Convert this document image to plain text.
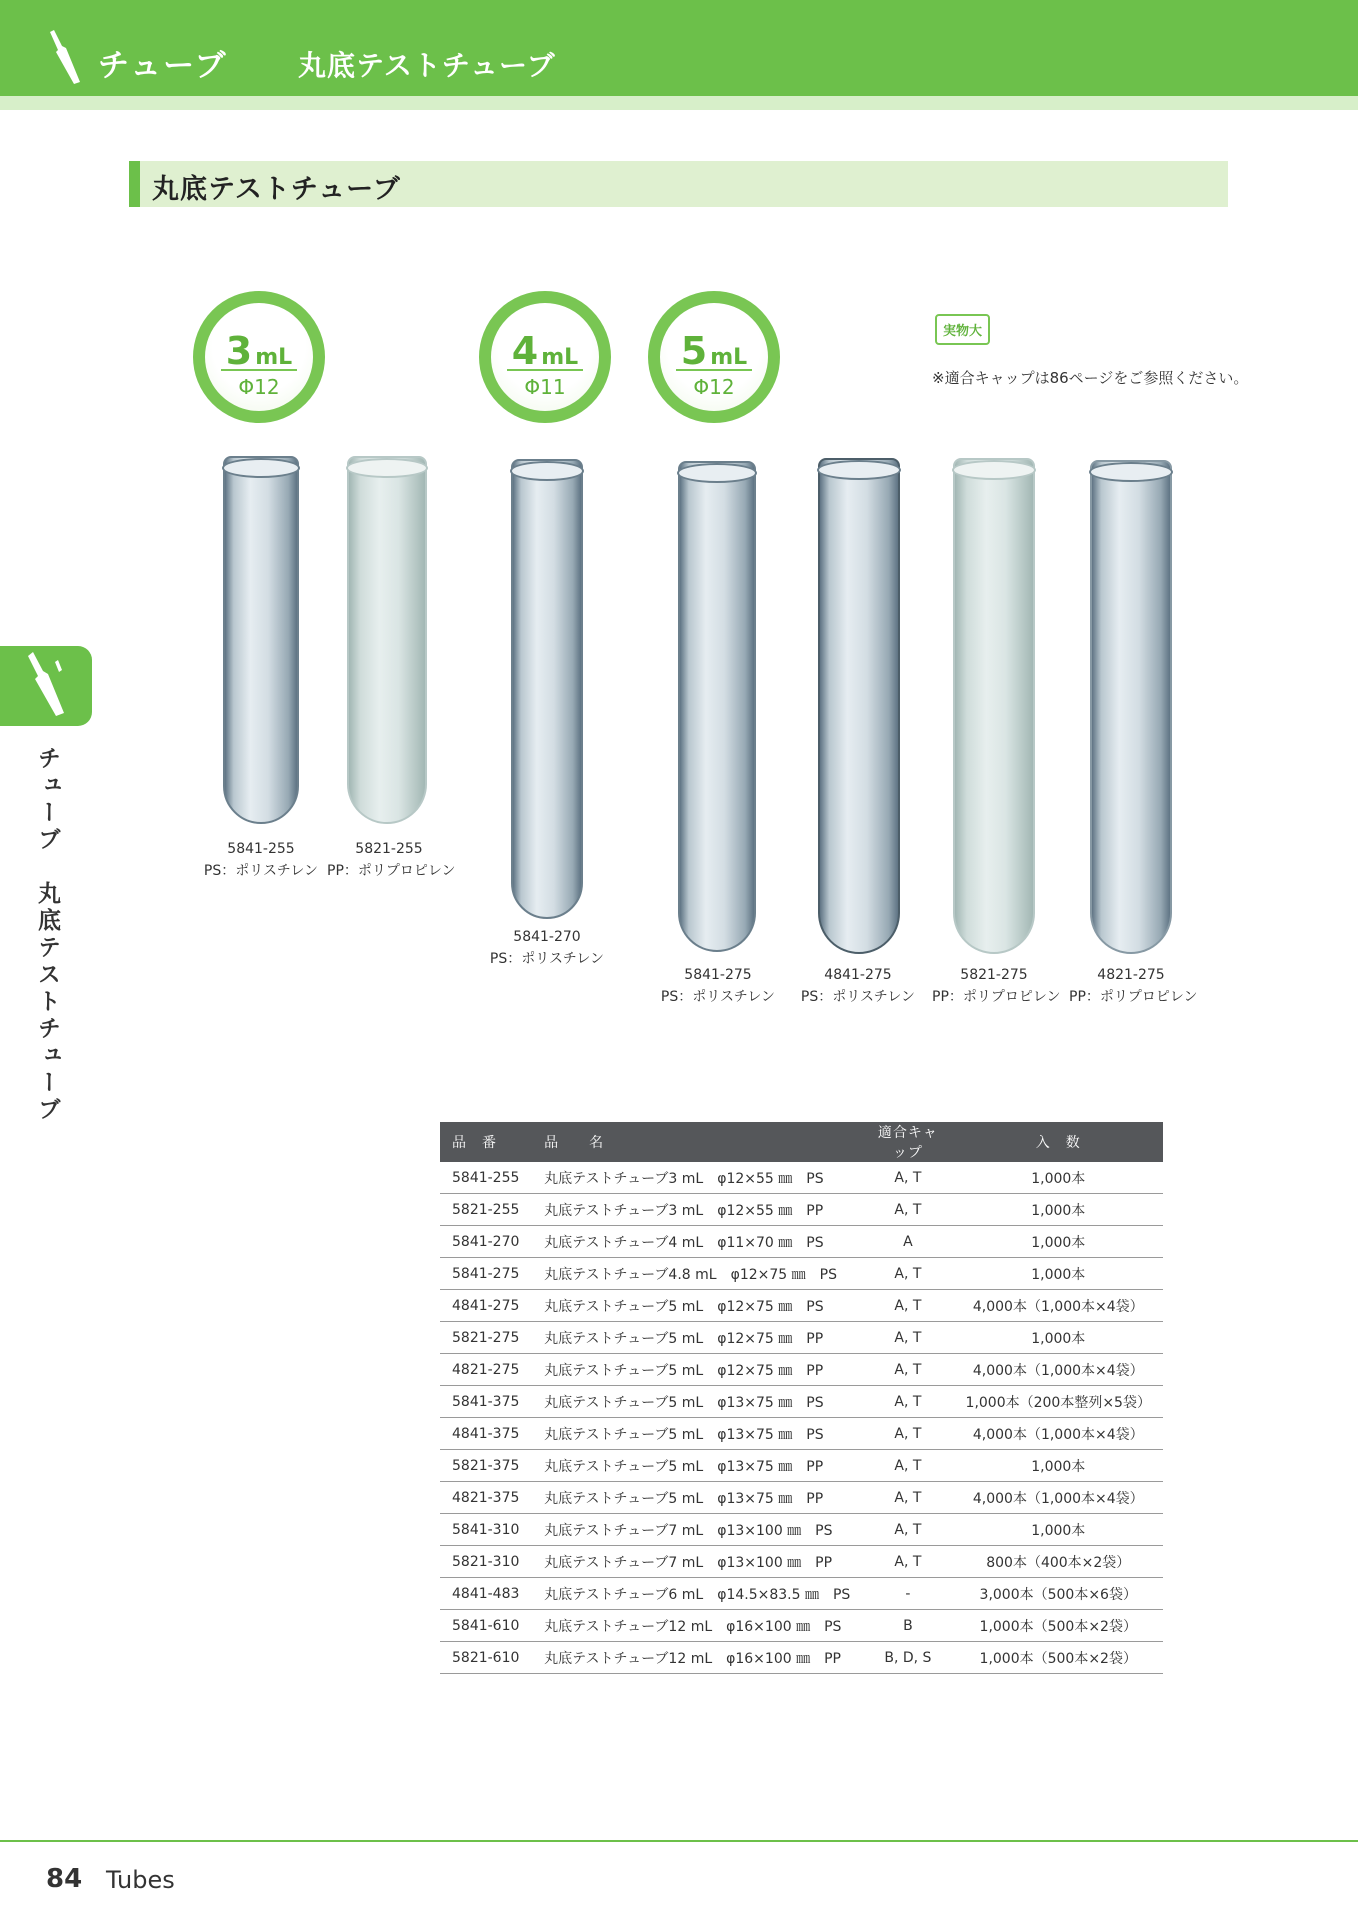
チューブ	丸底テストチューブ
丸底テストチューブ
チューブ　丸底テストチューブ
3 mL
Φ12
4 mL
Φ11
5 mL
Φ12
実物大
※適合キャップは86ページをご参照ください。
5841-255
PS：ポリスチレン
5821-255
PP：ポリプロピレン
5841-270
PS：ポリスチレン
5841-275
PS：ポリスチレン
4841-275
PS：ポリスチレン
5821-275
PP：ポリプロピレン
4821-275
PP：ポリプロピレン
品　番	品　　名	適合キャップ	入　数
5841-255	丸底テストチューブ3 mL　φ12×55 ㎜　PS	A, T	1,000本
5821-255	丸底テストチューブ3 mL　φ12×55 ㎜　PP	A, T	1,000本
5841-270	丸底テストチューブ4 mL　φ11×70 ㎜　PS	A	1,000本
5841-275	丸底テストチューブ4.8 mL　φ12×75 ㎜　PS	A, T	1,000本
4841-275	丸底テストチューブ5 mL　φ12×75 ㎜　PS	A, T	4,000本（1,000本×4袋）
5821-275	丸底テストチューブ5 mL　φ12×75 ㎜　PP	A, T	1,000本
4821-275	丸底テストチューブ5 mL　φ12×75 ㎜　PP	A, T	4,000本（1,000本×4袋）
5841-375	丸底テストチューブ5 mL　φ13×75 ㎜　PS	A, T	1,000本（200本整列×5袋）
4841-375	丸底テストチューブ5 mL　φ13×75 ㎜　PS	A, T	4,000本（1,000本×4袋）
5821-375	丸底テストチューブ5 mL　φ13×75 ㎜　PP	A, T	1,000本
4821-375	丸底テストチューブ5 mL　φ13×75 ㎜　PP	A, T	4,000本（1,000本×4袋）
5841-310	丸底テストチューブ7 mL　φ13×100 ㎜　PS	A, T	1,000本
5821-310	丸底テストチューブ7 mL　φ13×100 ㎜　PP	A, T	800本（400本×2袋）
4841-483	丸底テストチューブ6 mL　φ14.5×83.5 ㎜　PS	-	3,000本（500本×6袋）
5841-610	丸底テストチューブ12 mL　φ16×100 ㎜　PS	B	1,000本（500本×2袋）
5821-610	丸底テストチューブ12 mL　φ16×100 ㎜　PP	B, D, S	1,000本（500本×2袋）
84 Tubes
